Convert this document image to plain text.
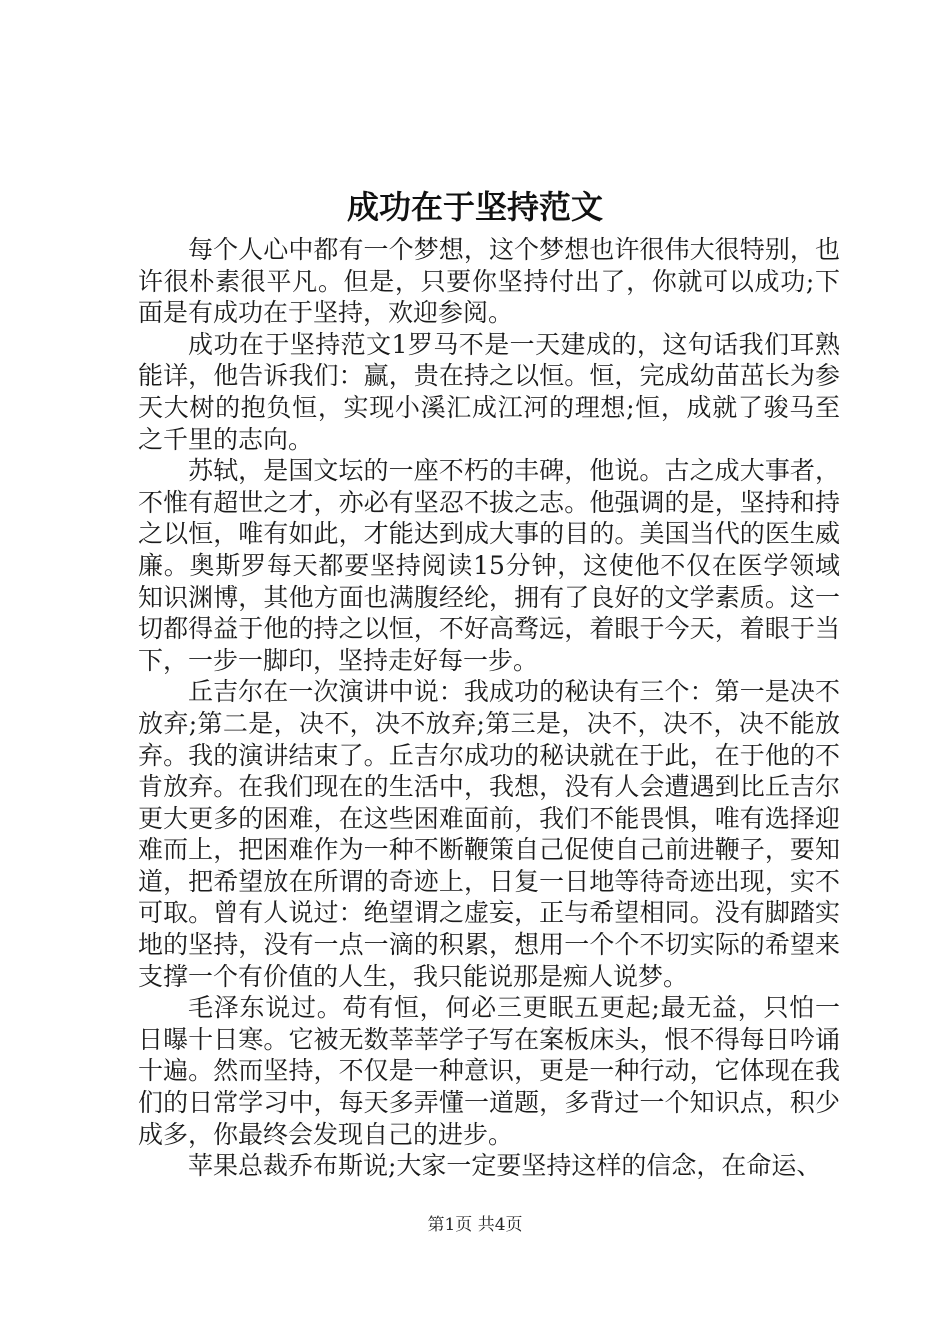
成功在于坚持范文

每个人心中都有一个梦想，这个梦想也许很伟大很特别，也许很朴素很平凡。但是，只要你坚持付出了，你就可以成功;下面是有成功在于坚持，欢迎参阅。

成功在于坚持范文1罗马不是一天建成的，这句话我们耳熟能详，他告诉我们：赢，贵在持之以恒。恒，完成幼苗茁长为参天大树的抱负恒，实现小溪汇成江河的理想;恒，成就了骏马至之千里的志向。

苏轼，是国文坛的一座不朽的丰碑，他说。古之成大事者，不惟有超世之才，亦必有坚忍不拔之志。他强调的是，坚持和持之以恒，唯有如此，才能达到成大事的目的。美国当代的医生威廉。奥斯罗每天都要坚持阅读15分钟，这使他不仅在医学领域知识渊博，其他方面也满腹经纶，拥有了良好的文学素质。这一切都得益于他的持之以恒，不好高骛远，着眼于今天，着眼于当下，一步一脚印，坚持走好每一步。

丘吉尔在一次演讲中说：我成功的秘诀有三个：第一是决不放弃;第二是，决不，决不放弃;第三是，决不，决不，决不能放弃。我的演讲结束了。丘吉尔成功的秘诀就在于此，在于他的不肯放弃。在我们现在的生活中，我想，没有人会遭遇到比丘吉尔更大更多的困难，在这些困难面前，我们不能畏惧，唯有选择迎难而上，把困难作为一种不断鞭策自己促使自己前进鞭子，要知道，把希望放在所谓的奇迹上，日复一日地等待奇迹出现，实不可取。曾有人说过：绝望谓之虚妄，正与希望相同。没有脚踏实地的坚持，没有一点一滴的积累，想用一个个不切实际的希望来支撑一个有价值的人生，我只能说那是痴人说梦。

毛泽东说过。苟有恒，何必三更眠五更起;最无益，只怕一日曝十日寒。它被无数莘莘学子写在案板床头，恨不得每日吟诵十遍。然而坚持，不仅是一种意识，更是一种行动，它体现在我们的日常学习中，每天多弄懂一道题，多背过一个知识点，积少成多，你最终会发现自己的进步。

苹果总裁乔布斯说;大家一定要坚持这样的信念，在命运、

第1页 共4页
